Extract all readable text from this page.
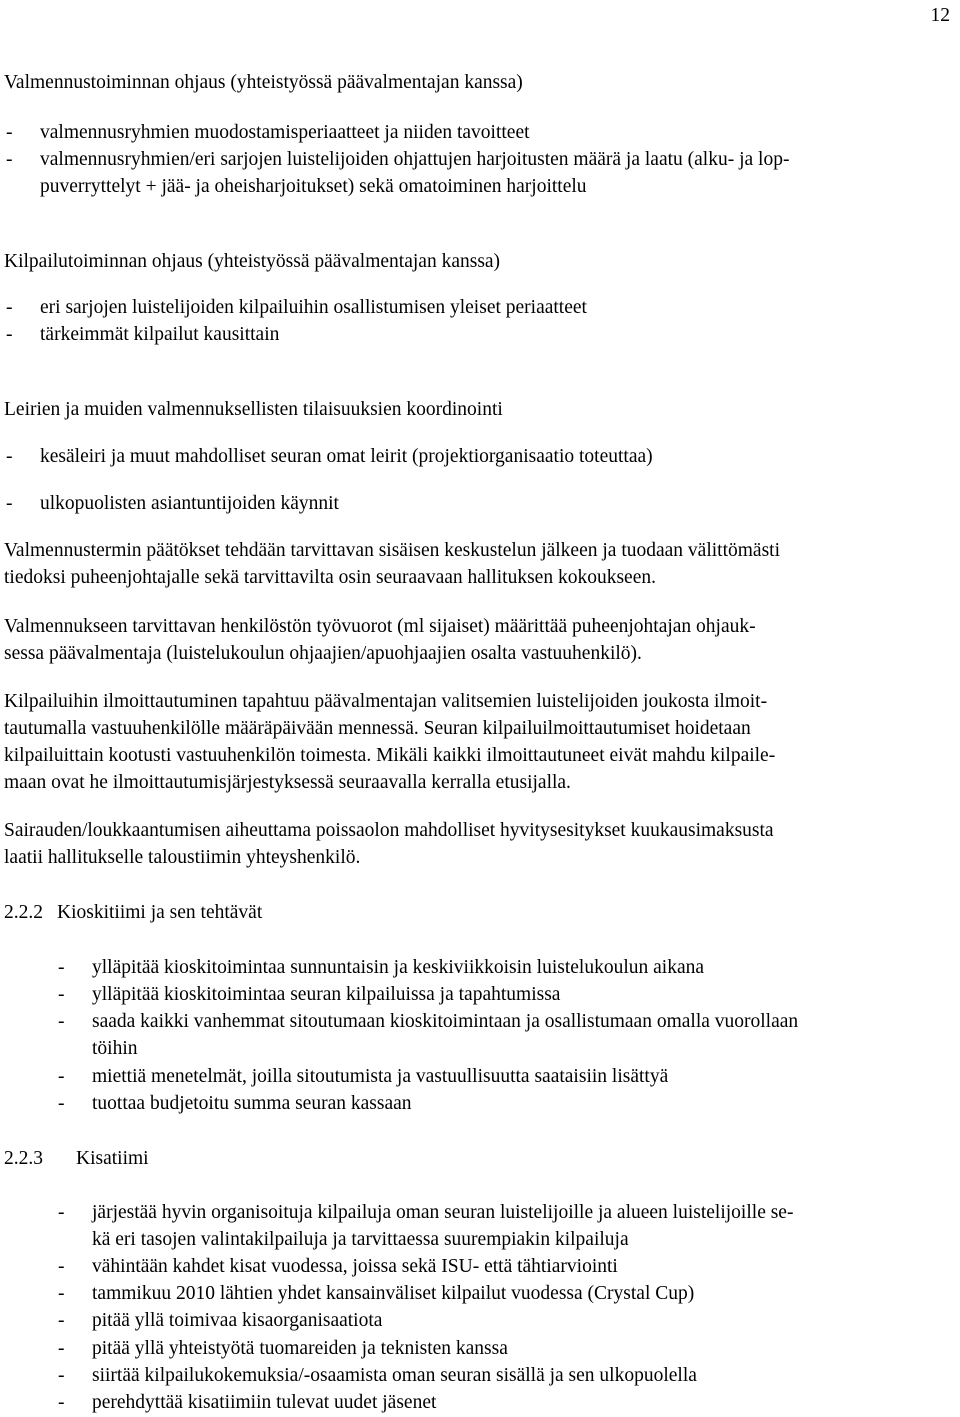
12
Valmennustoiminnan ohjaus (yhteistyössä päävalmentajan kanssa)
- valmennusryhmien muodostamisperiaatteet ja niiden tavoitteet
- valmennusryhmien/eri sarjojen luistelijoiden ohjattujen harjoitusten määrä ja laatu (alku- ja lop-
puverryttelyt + jää- ja oheisharjoitukset) sekä omatoiminen harjoittelu
Kilpailutoiminnan ohjaus (yhteistyössä päävalmentajan kanssa)
- eri sarjojen luistelijoiden kilpailuihin osallistumisen yleiset periaatteet
- tärkeimmät kilpailut kausittain
Leirien ja muiden valmennuksellisten tilaisuuksien koordinointi
- kesäleiri ja muut mahdolliset seuran omat leirit (projektiorganisaatio toteuttaa)
- ulkopuolisten asiantuntijoiden käynnit
Valmennustermin päätökset tehdään tarvittavan sisäisen keskustelun jälkeen ja tuodaan välittömästi
tiedoksi puheenjohtajalle sekä tarvittavilta osin seuraavaan hallituksen kokoukseen.
Valmennukseen tarvittavan henkilöstön työvuorot (ml sijaiset) määrittää puheenjohtajan ohjauk-
sessa päävalmentaja (luistelukoulun ohjaajien/apuohjaajien osalta vastuuhenkilö).
Kilpailuihin ilmoittautuminen tapahtuu päävalmentajan valitsemien luistelijoiden joukosta ilmoit-
tautumalla vastuuhenkilölle määräpäivään mennessä. Seuran kilpailuilmoittautumiset hoidetaan
kilpailuittain kootusti vastuuhenkilön toimesta. Mikäli kaikki ilmoittautuneet eivät mahdu kilpaile-
maan ovat he ilmoittautumisjärjestyksessä seuraavalla kerralla etusijalla.
Sairauden/loukkaantumisen aiheuttama poissaolon mahdolliset hyvitysesitykset kuukausimaksusta
laatii hallitukselle taloustiimin yhteyshenkilö.
2.2.2 Kioskitiimi ja sen tehtävät
- ylläpitää kioskitoimintaa sunnuntaisin ja keskiviikkoisin luistelukoulun aikana
- ylläpitää kioskitoimintaa seuran kilpailuissa ja tapahtumissa
- saada kaikki vanhemmat sitoutumaan kioskitoimintaan ja osallistumaan omalla vuorollaan
töihin
- miettiä menetelmät, joilla sitoutumista ja vastuullisuutta saataisiin lisättyä
- tuottaa budjetoitu summa seuran kassaan
2.2.3 Kisatiimi
- järjestää hyvin organisoituja kilpailuja oman seuran luistelijoille ja alueen luistelijoille se-
kä eri tasojen valintakilpailuja ja tarvittaessa suurempiakin kilpailuja
- vähintään kahdet kisat vuodessa, joissa sekä ISU- että tähtiarviointi
- tammikuu 2010 lähtien yhdet kansainväliset kilpailut vuodessa (Crystal Cup)
- pitää yllä toimivaa kisaorganisaatiota
- pitää yllä yhteistyötä tuomareiden ja teknisten kanssa
- siirtää kilpailukokemuksia/-osaamista oman seuran sisällä ja sen ulkopuolella
- perehdyttää kisatiimiin tulevat uudet jäsenet
